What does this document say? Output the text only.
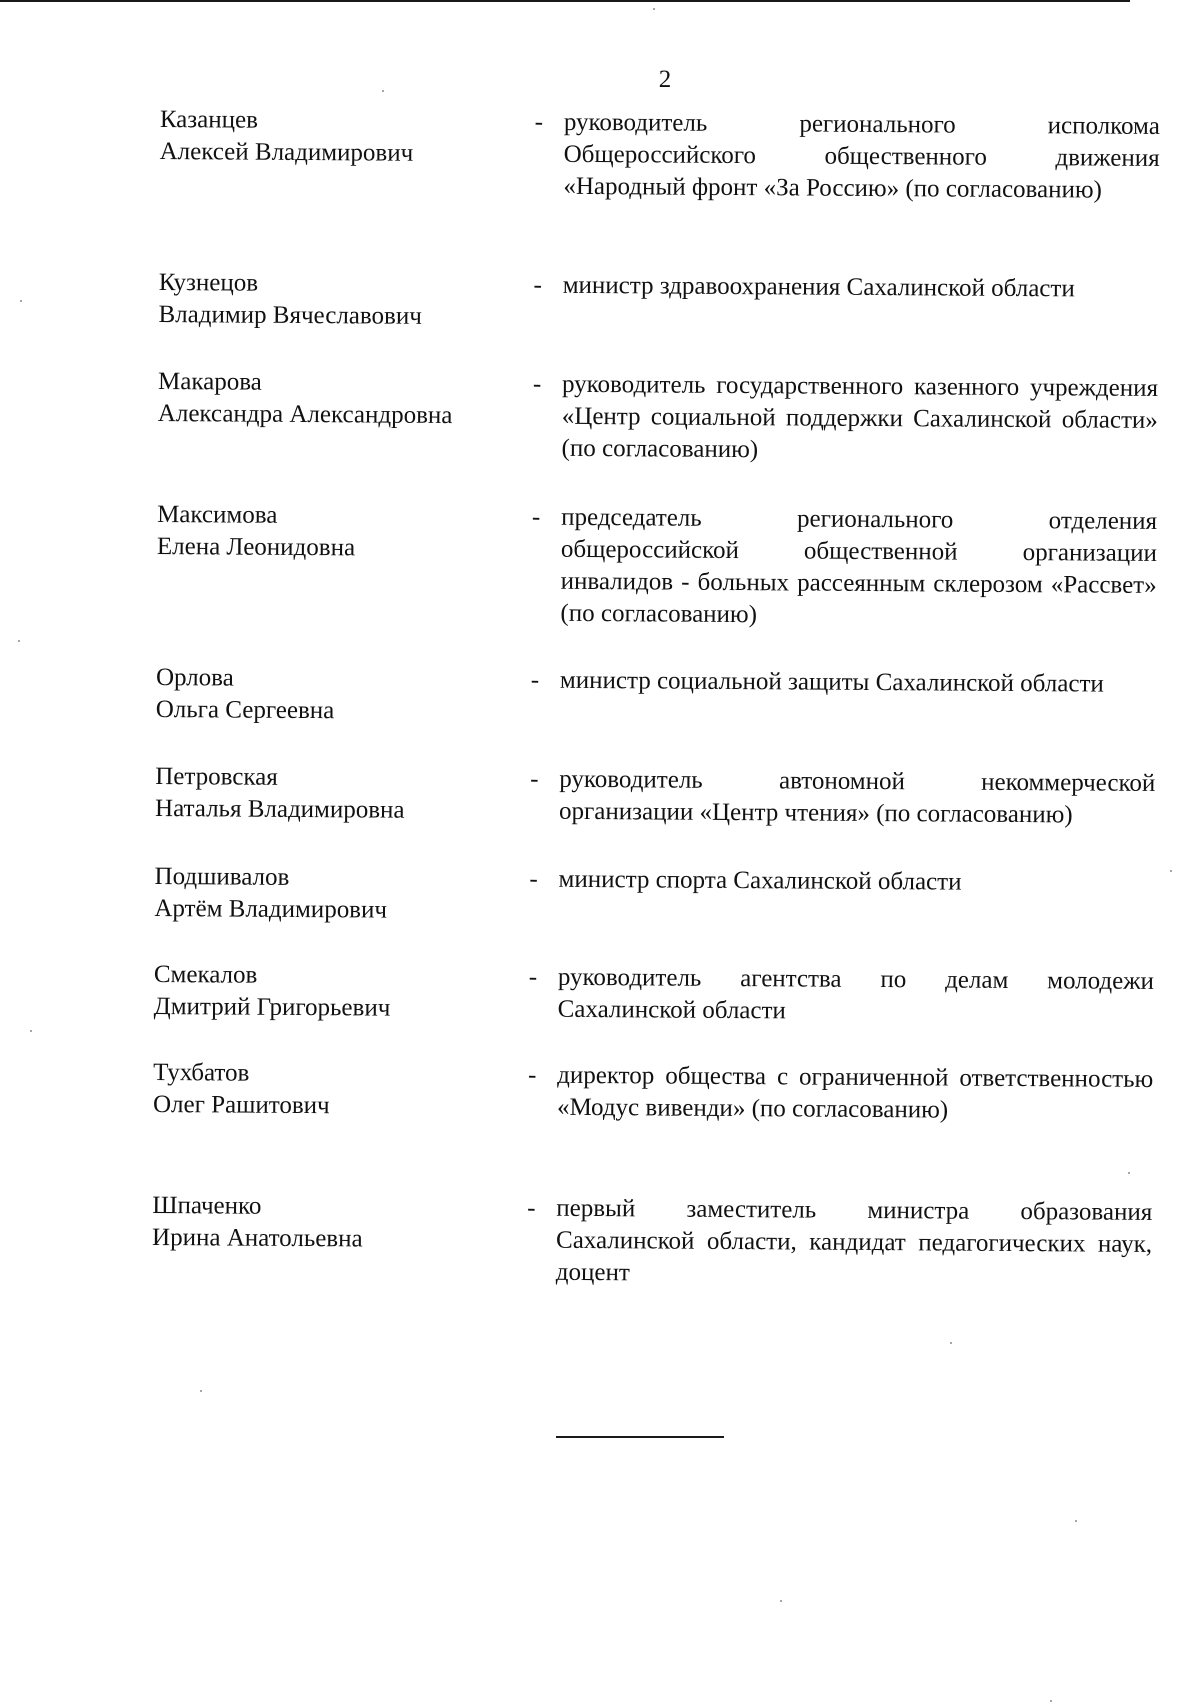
2
Казанцев
Алексей Владимирович
- руководитель регионального исполкома Общероссийского общественного движения «Народный фронт «За Россию» (по согласованию)
Кузнецов
Владимир Вячеславович
- министр здравоохранения Сахалинской области
Макарова
Александра Александровна
- руководитель государственного казенного учреждения «Центр социальной поддержки Сахалинской области» (по согласованию)
Максимова
Елена Леонидовна
- председатель регионального отделения общероссийской общественной организации инвалидов - больных рассеянным склерозом «Рассвет» (по согласованию)
Орлова
Ольга Сергеевна
- министр социальной защиты Сахалинской области
Петровская
Наталья Владимировна
- руководитель автономной некоммерческой организации «Центр чтения» (по согласованию)
Подшивалов
Артём Владимирович
- министр спорта Сахалинской области
Смекалов
Дмитрий Григорьевич
- руководитель агентства по делам молодежи Сахалинской области
Тухбатов
Олег Рашитович
- директор общества с ограниченной ответственностью «Модус вивенди» (по согласованию)
Шпаченко
Ирина Анатольевна
- первый заместитель министра образования Сахалинской области, кандидат педагогических наук, доцент
